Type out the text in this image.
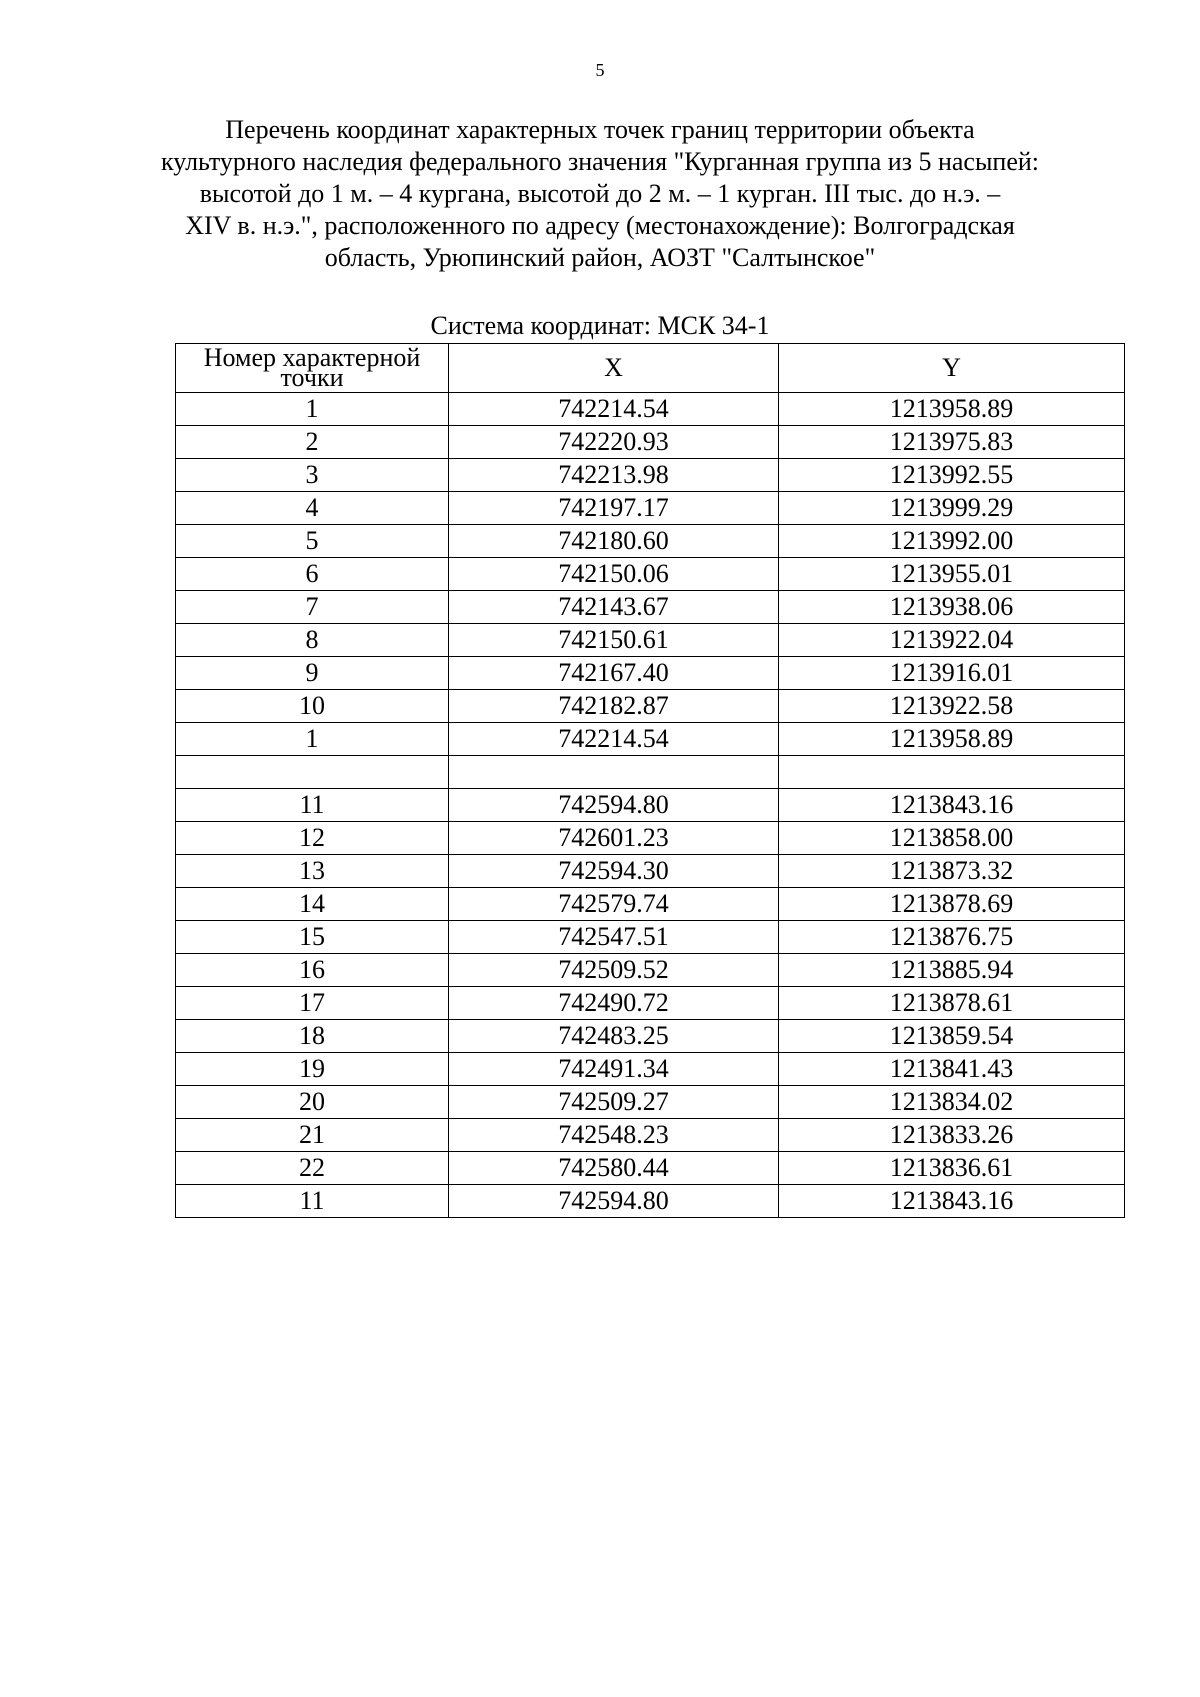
5
Перечень координат характерных точек границ территории объекта
культурного наследия федерального значения "Курганная группа из 5 насыпей:
высотой до 1 м. – 4 кургана, высотой до 2 м. – 1 курган. III тыс. до н.э. –
XIV в. н.э.", расположенного по адресу (местонахождение): Волгоградская
область, Урюпинский район, АОЗТ "Салтынское"
Система координат: МСК 34-1
Номер характерной точки	X	Y
1	742214.54	1213958.89
2	742220.93	1213975.83
3	742213.98	1213992.55
4	742197.17	1213999.29
5	742180.60	1213992.00
6	742150.06	1213955.01
7	742143.67	1213938.06
8	742150.61	1213922.04
9	742167.40	1213916.01
10	742182.87	1213922.58
1	742214.54	1213958.89

11	742594.80	1213843.16
12	742601.23	1213858.00
13	742594.30	1213873.32
14	742579.74	1213878.69
15	742547.51	1213876.75
16	742509.52	1213885.94
17	742490.72	1213878.61
18	742483.25	1213859.54
19	742491.34	1213841.43
20	742509.27	1213834.02
21	742548.23	1213833.26
22	742580.44	1213836.61
11	742594.80	1213843.16
